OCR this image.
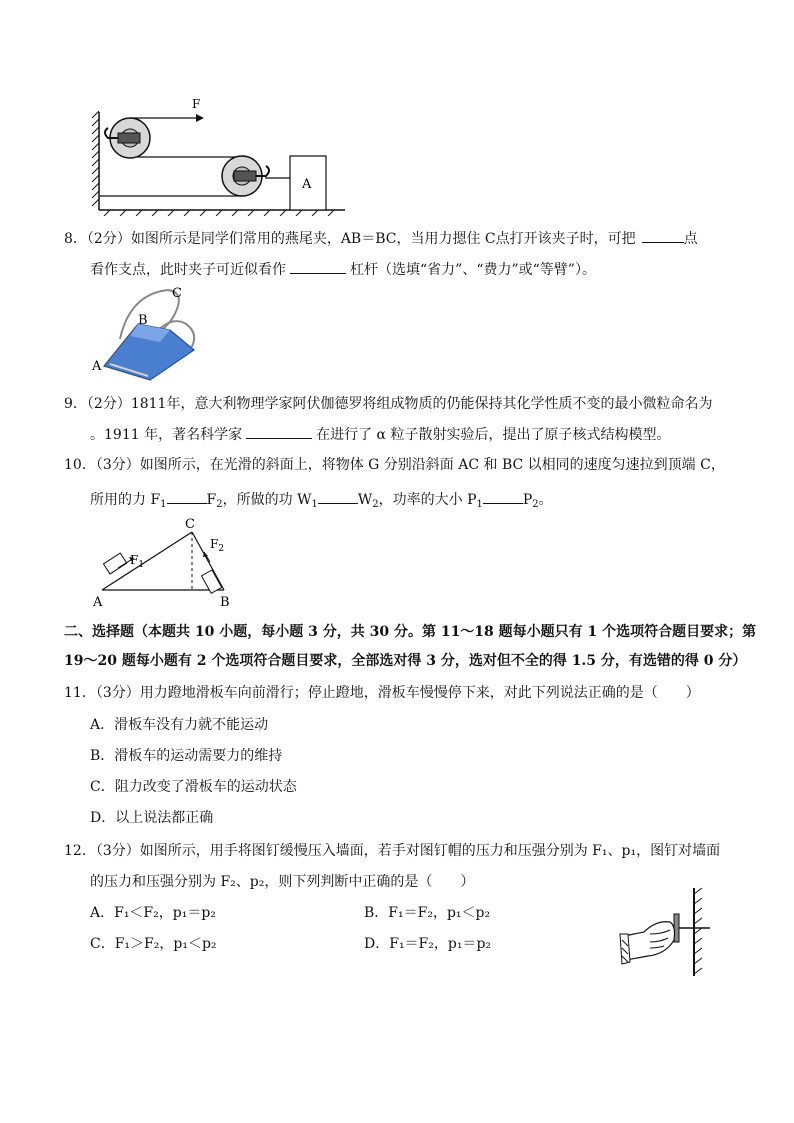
F
A
8．（2分）如图所示是同学们常用的燕尾夹，AB＝BC，当用力摁住 C点打开该夹子时，可把	点
看作支点，此时夹子可近似看作	杠杆（选填“省力”、“费力”或“等臂”）。
C
B
A
9．（2分）1811年，意大利物理学家阿伏伽德罗将组成物质的仍能保持其化学性质不变的最小微粒命名为
。1911 年，著名科学家	在进行了 α 粒子散射实验后，提出了原子核式结构模型。
10．（3分）如图所示，在光滑的斜面上，将物体 G 分别沿斜面 AC 和 BC 以相同的速度匀速拉到顶端 C，
所用的力 $F_1$	$F_2$，所做的功 $W_1$	$W_2$，功率的大小 $P_1$	$P_2$。
C
A	B
$F_1$
$F_2$
二、选择题（本题共 10 小题，每小题 3 分，共 30 分。第 11～18 题每小题只有 1 个选项符合题目要求；第
19～20 题每小题有 2 个选项符合题目要求，全部选对得 3 分，选对但不全的得 1.5 分，有选错的得 0 分）
11．（3分）用力蹬地滑板车向前滑行；停止蹬地，滑板车慢慢停下来，对此下列说法正确的是（　　）
A．滑板车没有力就不能运动
B．滑板车的运动需要力的维持
C．阻力改变了滑板车的运动状态
D．以上说法都正确
12．（3分）如图所示，用手将图钉缓慢压入墙面，若手对图钉帽的压力和压强分别为 F₁、p₁，图钉对墙面
的压力和压强分别为 F₂、p₂，则下列判断中正确的是（　　）
A．F₁＜F₂，p₁＝p₂	B．F₁＝F₂，p₁＜p₂
C．F₁＞F₂，p₁＜p₂	D．F₁＝F₂，p₁＝p₂
